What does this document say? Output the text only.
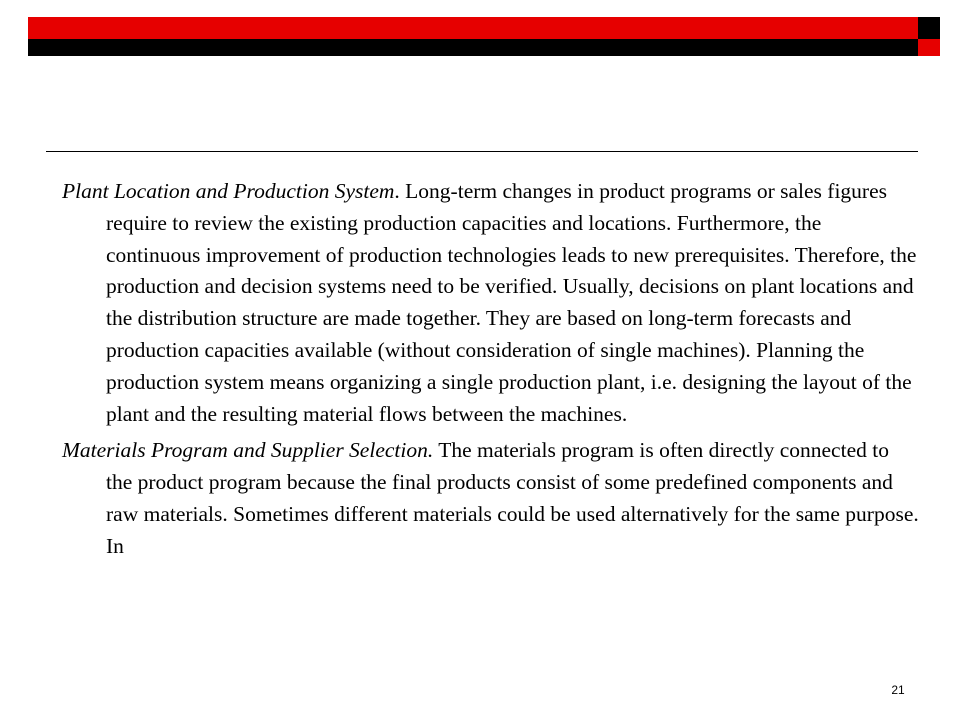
Plant Location and Production System. Long-term changes in product programs or sales figures require to review the existing production capacities and locations. Furthermore, the continuous improvement of production technologies leads to new prerequisites. Therefore, the production and decision systems need to be verified. Usually, decisions on plant locations and the distribution structure are made together. They are based on long-term forecasts and production capacities available (without consideration of single machines). Planning the production system means organizing a single production plant, i.e. designing the layout of the plant and the resulting material flows between the machines.

Materials Program and Supplier Selection. The materials program is often directly connected to the product program because the final products consist of some predefined components and raw materials. Sometimes different materials could be used alternatively for the same purpose. In

21
